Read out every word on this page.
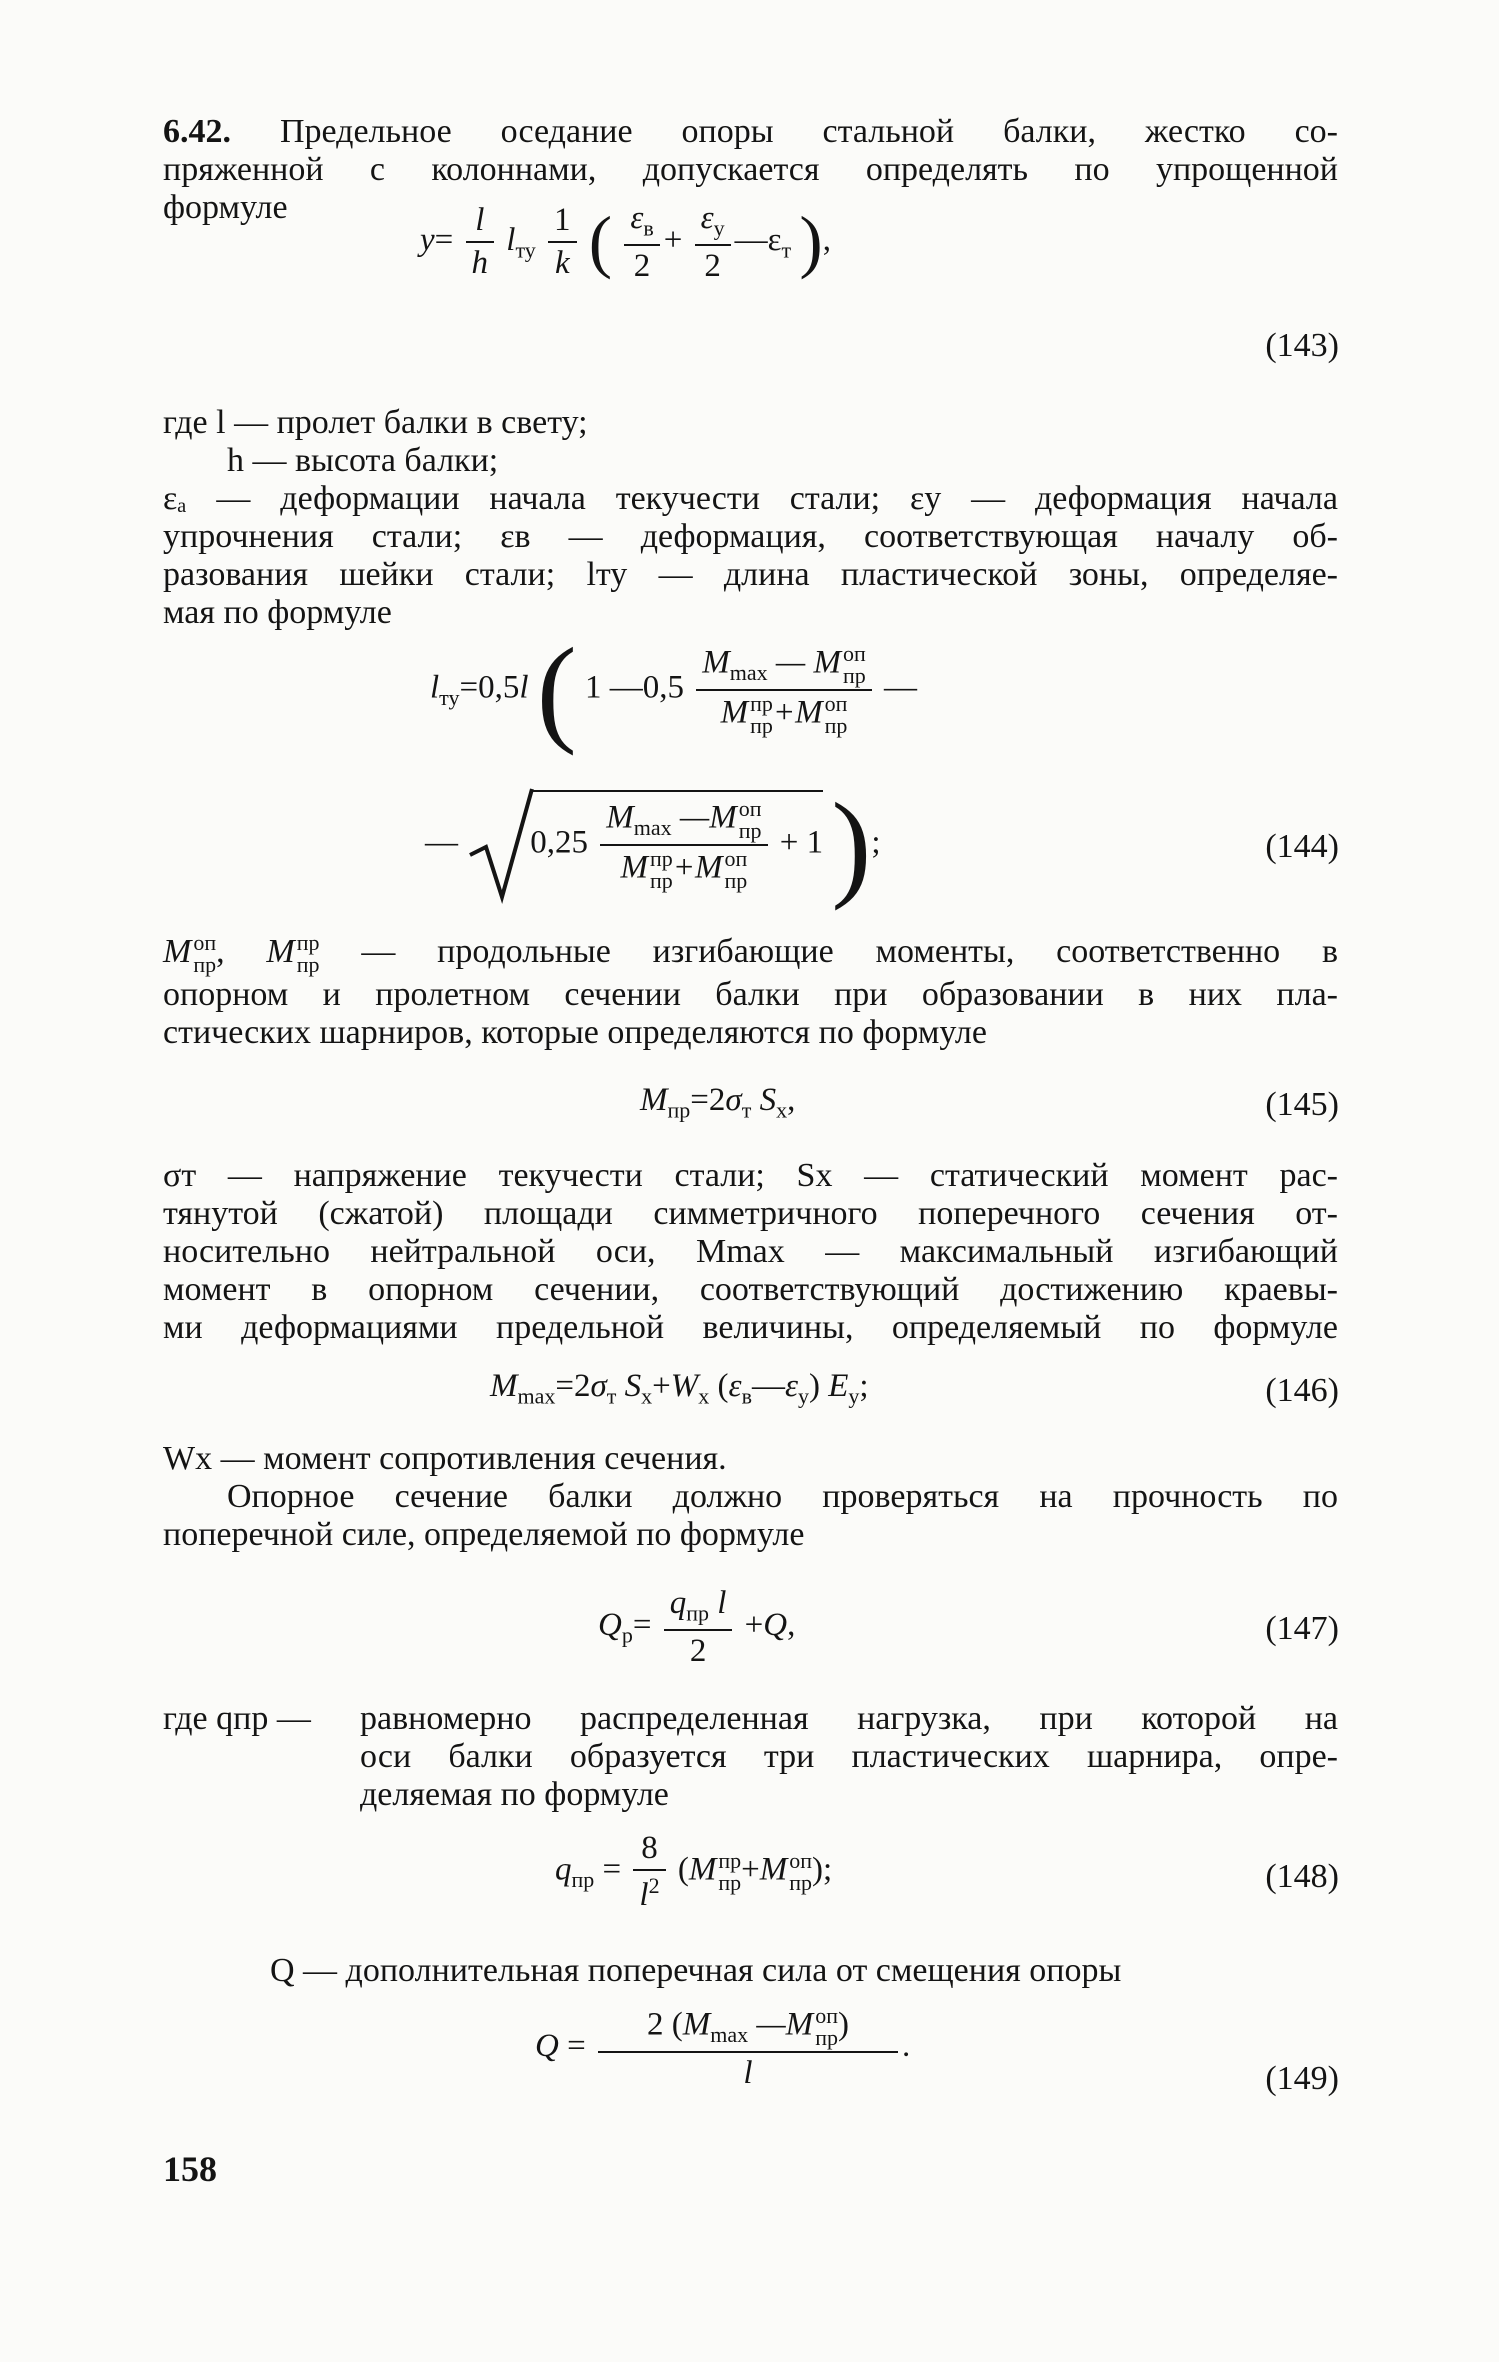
6.42. Предельное оседание опоры стальной балки, жестко со-
пряженной с колоннами, допускается определять по упрощенной
формуле
$y= \frac{l}{h} l_{ту} \frac{1}{k}$ ( $\frac{\varepsilon_в}{2} + \frac{\varepsilon_у}{2}$ $—\varepsilon_т$ ),
(143)
где l — пролет балки в свету;
h — высота балки;
εₐ — деформации начала текучести стали; εу — деформация начала
упрочнения стали; εв — деформация, соответствующая началу об-
разования шейки стали; lту — длина пластической зоны, определяе-
мая по формуле
$l_{ту}=0,5l$ ( 1 —0,5 $M_{max}$ — M оп
пр
M пр
пр +M оп
пр —
— 0,25 $M_{max}$ —M оп
пр
M пр
пр +M оп
пр + 1 );	(144)
M оп
пр , M пр
пр — продольные изгибающие моменты, соответственно в
опорном и пролетном сечении балки при образовании в них пла-
стических шарниров, которые определяются по формуле
$M_{пр}=2\sigma_т$ $S_x$,	(145)
σт — напряжение текучести стали; Sx — статический момент рас-
тянутой (сжатой) площади симметричного поперечного сечения от-
носительно нейтральной оси, Mmax — максимальный изгибающий
момент в опорном сечении, соответствующий достижению краевы-
ми деформациями предельной величины, определяемый по формуле
$M_{max}=2\sigma_т$ $S_x+W_x$ $(\varepsilon_в—\varepsilon_у)$ $E_у$;	(146)
Wx — момент сопротивления сечения.
Опорное сечение балки должно проверяться на прочность по
поперечной силе, определяемой по формуле
$Q_р= \frac{q_{пр} l}{2} +Q$,	(147)
где qпр — равномерно распределенная нагрузка, при которой на
оси балки образуется три пластических шарнира, опре-
деляемая по формуле
$q_{пр} = \frac{8}{l^2} (M$ пр
пр +M оп
пр );	(148)
Q — дополнительная поперечная сила от смещения опоры
Q = 2 ($M_{max}$ —M оп
пр )
l .
(149)
158
